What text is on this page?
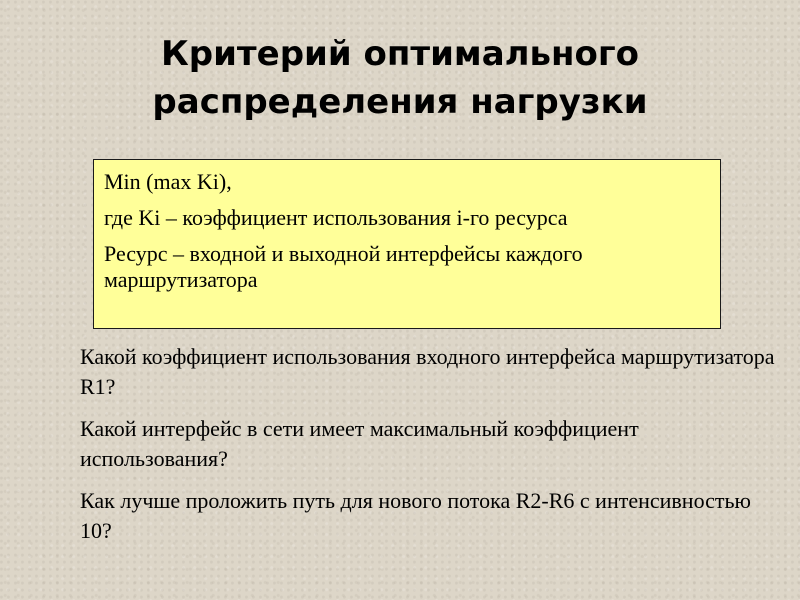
Критерий оптимального
распределения нагрузки

Min (max Ki),

где Ki – коэффициент использования i-го ресурса

Ресурс – входной и выходной интерфейсы каждого маршрутизатора

Какой коэффициент использования входного интерфейса маршрутизатора R1?

Какой интерфейс в сети имеет максимальный коэффициент использования?

Как лучше проложить путь для нового потока R2-R6 с интенсивностью 10?
